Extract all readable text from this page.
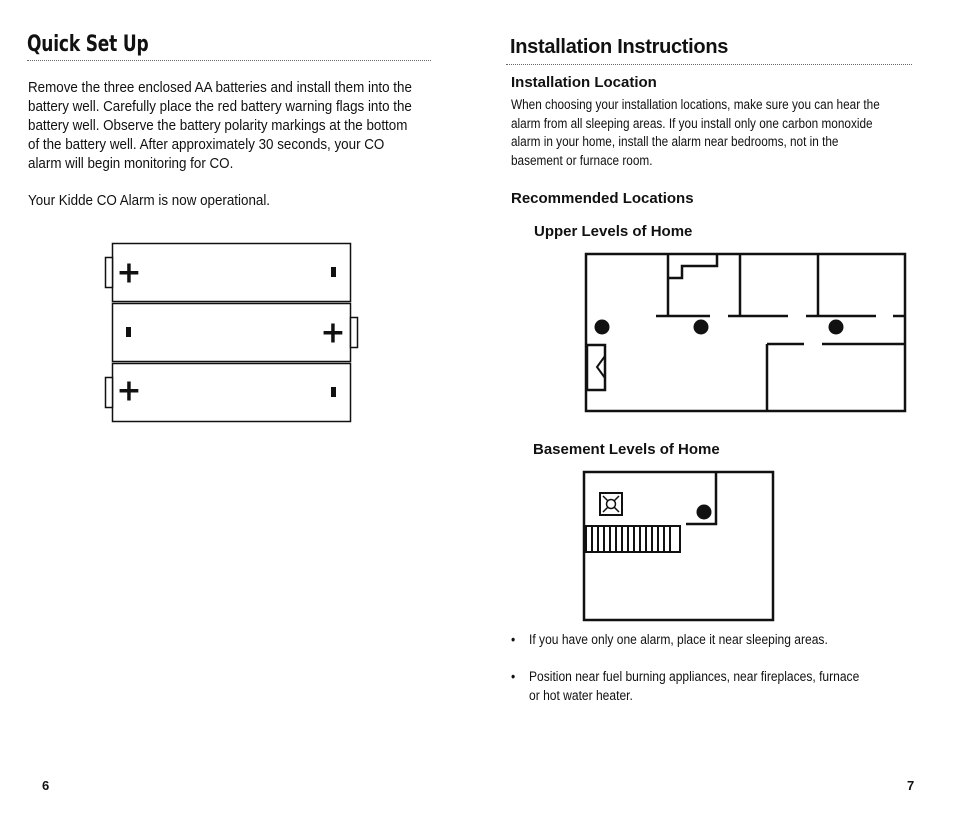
Quick Set Up

Remove the three enclosed AA batteries and install them into the battery well. Carefully place the red battery warning flags into the battery well. Observe the battery polarity markings at the bottom of the battery well. After approximately 30 seconds, your CO alarm will begin monitoring for CO.

Your Kidde CO Alarm is now operational.

+
+
+
6
Installation Instructions
Installation Location

When choosing your installation locations, make sure you can hear the alarm from all sleeping areas. If you install only one carbon monoxide alarm in your home, install the alarm near bedrooms, not in the basement or furnace room.

Recommended Locations
Upper Levels of Home
Basement Levels of Home
• If you have only one alarm, place it near sleeping areas.
• Position near fuel burning appliances, near fireplaces, furnace or hot water heater.
7
